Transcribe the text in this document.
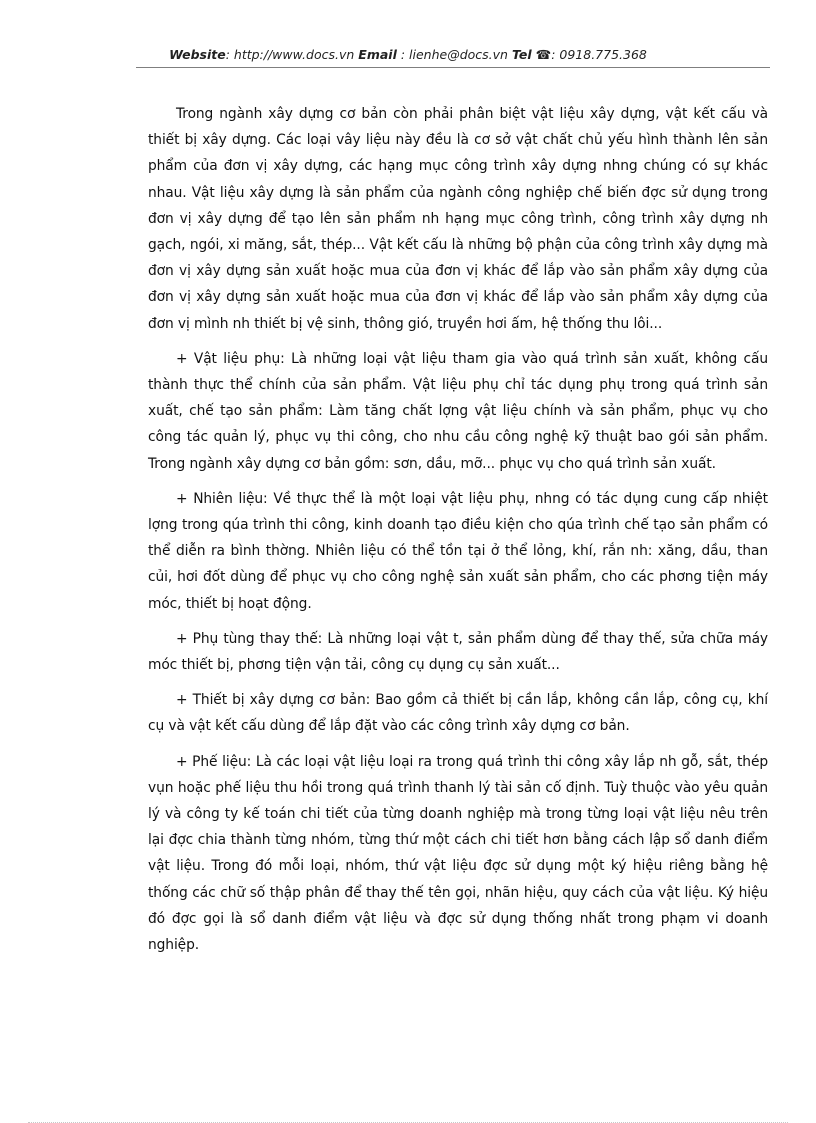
Website: http://www.docs.vn Email : lienhe@docs.vn Tel ☎: 0918.775.368

Trong ngành xây dựng cơ bản còn phải phân biệt vật liệu xây dựng, vật kết cấu và thiết bị xây dựng. Các loại vây liệu này đều là cơ sở vật chất chủ yếu hình thành lên sản phẩm của đơn vị xây dựng, các hạng mục công trình xây dựng nhng chúng có sự khác nhau. Vật liệu xây dựng là sản phẩm của ngành công nghiệp chế biến đợc sử dụng trong đơn vị xây dựng để tạo lên sản phẩm nh hạng mục công trình, công trình xây dựng nh gạch, ngói, xi măng, sắt, thép... Vật kết cấu là những bộ phận của công trình xây dựng mà đơn vị xây dựng sản xuất hoặc mua của đơn vị khác để lắp vào sản phẩm xây dựng của đơn vị xây dựng sản xuất hoặc mua của đơn vị khác để lắp vào sản phẩm xây dựng của đơn vị mình nh thiết bị vệ sinh, thông gió, truyền hơi ấm, hệ thống thu lôi...

+ Vật liệu phụ: Là những loại vật liệu tham gia vào quá trình sản xuất, không cấu thành thực thể chính của sản phẩm. Vật liệu phụ chỉ tác dụng phụ trong quá trình sản xuất, chế tạo sản phẩm: Làm tăng chất lợng vật liệu chính và sản phẩm, phục vụ cho công tác quản lý, phục vụ thi công, cho nhu cầu công nghệ kỹ thuật bao gói sản phẩm. Trong ngành xây dựng cơ bản gồm: sơn, dầu, mỡ... phục vụ cho quá trình sản xuất.

+ Nhiên liệu: Về thực thể là một loại vật liệu phụ, nhng có tác dụng cung cấp nhiệt lợng trong qúa trình thi công, kinh doanh tạo điều kiện cho qúa trình chế tạo sản phẩm có thể diễn ra bình thờng. Nhiên liệu có thể tồn tại ở thể lỏng, khí, rắn nh: xăng, dầu, than củi, hơi đốt dùng để phục vụ cho công nghệ sản xuất sản phẩm, cho các phơng tiện máy móc, thiết bị hoạt động.

+ Phụ tùng thay thế: Là những loại vật t, sản phẩm dùng để thay thế, sửa chữa máy móc thiết bị, phơng tiện vận tải, công cụ dụng cụ sản xuất...

+ Thiết bị xây dựng cơ bản: Bao gồm cả thiết bị cần lắp, không cần lắp, công cụ, khí cụ và vật kết cấu dùng để lắp đặt vào các công trình xây dựng cơ bản.

+ Phế liệu: Là các loại vật liệu loại ra trong quá trình thi công xây lắp nh gỗ, sắt, thép vụn hoặc phế liệu thu hồi trong quá trình thanh lý tài sản cố định. Tuỳ thuộc vào yêu quản lý và công ty kế toán chi tiết của từng doanh nghiệp mà trong từng loại vật liệu nêu trên lại đợc chia thành từng nhóm, từng thứ một cách chi tiết hơn bằng cách lập sổ danh điểm vật liệu. Trong đó mỗi loại, nhóm, thứ vật liệu đợc sử dụng một ký hiệu riêng bằng hệ thống các chữ số thập phân để thay thế tên gọi, nhãn hiệu, quy cách của vật liệu. Ký hiệu đó đợc gọi là sổ danh điểm vật liệu và đợc sử dụng thống nhất trong phạm vi doanh nghiệp.
